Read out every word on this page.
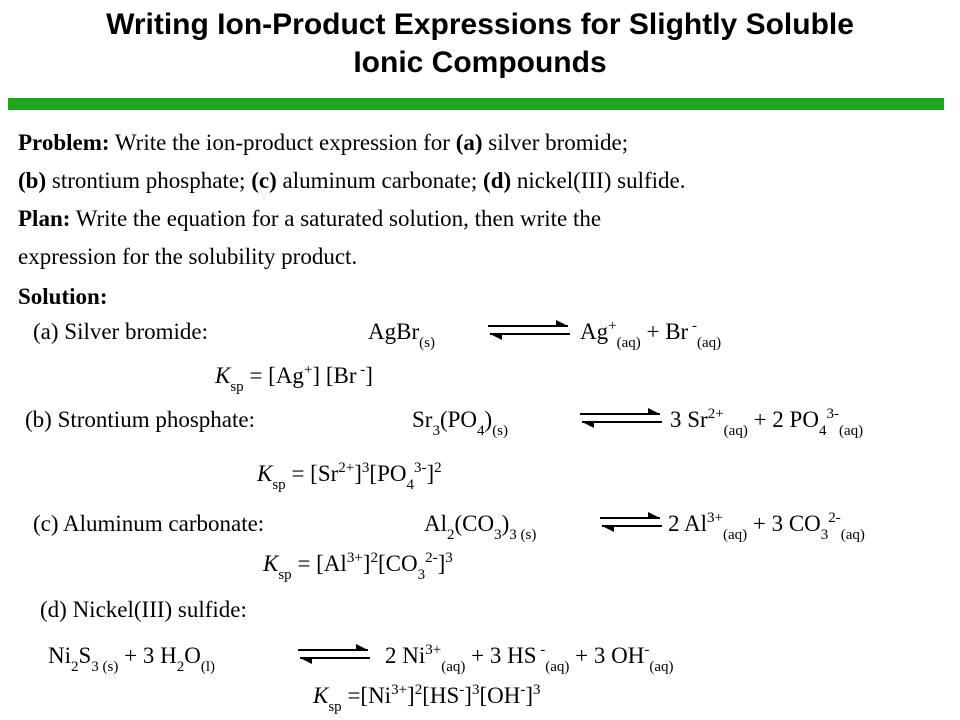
Writing Ion-Product Expressions for Slightly Soluble
Ionic Compounds
Problem: Write the ion-product expression for (a) silver bromide;
(b) strontium phosphate; (c) aluminum carbonate; (d) nickel(III) sulfide.
Plan: Write the equation for a saturated solution, then write the
expression for the solubility product.
Solution:
(a) Silver bromide:	AgBr$_{(s)}$	$Ag^+_{(aq)} + Br$ -$_{(aq)}$
$K_{sp} = [Ag^+]$ [Br -]
(b) Strontium phosphate:	$Sr_3(PO_4)_{(s)}$	3 $Sr^{2+}_{(aq)} + 2$ $PO_4^{3-}_{(aq)}$
$K_{sp} = [Sr^{2+}]^3[PO_4^{3-}]^2$
(c) Aluminum carbonate:	$Al_2(CO_3)_{3 (s)}$	2 $Al^{3+}_{(aq)} + 3$ $CO_3^{2-}_{(aq)}$
$K_{sp} = [Al^{3+}]^2[CO_3^{2-}]^3$
(d) Nickel(III) sulfide:
$Ni_2S_{3 (s)} + 3$ $H_2O_{(l)}$	2 $Ni^{3+}_{(aq)} + 3$ HS -$_{(aq)}$ + 3 $OH^-_{(aq)}$
$K_{sp} =[Ni^{3+}]^2[HS^-]^3[OH^-]^3$
